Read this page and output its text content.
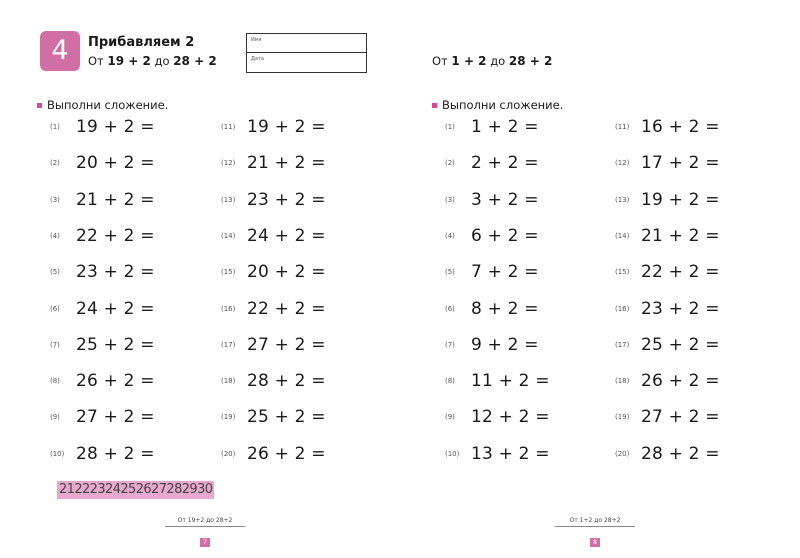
4	Прибавляем 2
От 19 + 2 до 28 + 2
Имя
Дата	От 1 + 2 до 28 + 2
Выполни сложение.	Выполни сложение.
(1) 19 + 2 =
(2) 20 + 2 =
(3) 21 + 2 =
(4) 22 + 2 =
(5) 23 + 2 =
(6) 24 + 2 =
(7) 25 + 2 =
(8) 26 + 2 =
(9) 27 + 2 =
(10) 28 + 2 =
(11) 19 + 2 =
(12) 21 + 2 =
(13) 23 + 2 =
(14) 24 + 2 =
(15) 20 + 2 =
(16) 22 + 2 =
(17) 27 + 2 =
(18) 28 + 2 =
(19) 25 + 2 =
(20) 26 + 2 =
(1) 1 + 2 =
(2) 2 + 2 =
(3) 3 + 2 =
(4) 6 + 2 =
(5) 7 + 2 =
(6) 8 + 2 =
(7) 9 + 2 =
(8) 11 + 2 =
(9) 12 + 2 =
(10) 13 + 2 =
(11) 16 + 2 =
(12) 17 + 2 =
(13) 19 + 2 =
(14) 21 + 2 =
(15) 22 + 2 =
(16) 23 + 2 =
(17) 25 + 2 =
(18) 26 + 2 =
(19) 27 + 2 =
(20) 28 + 2 =
21222324252627282930
От 19+2 до 28+2
7
От 1+2 до 28+2
8
